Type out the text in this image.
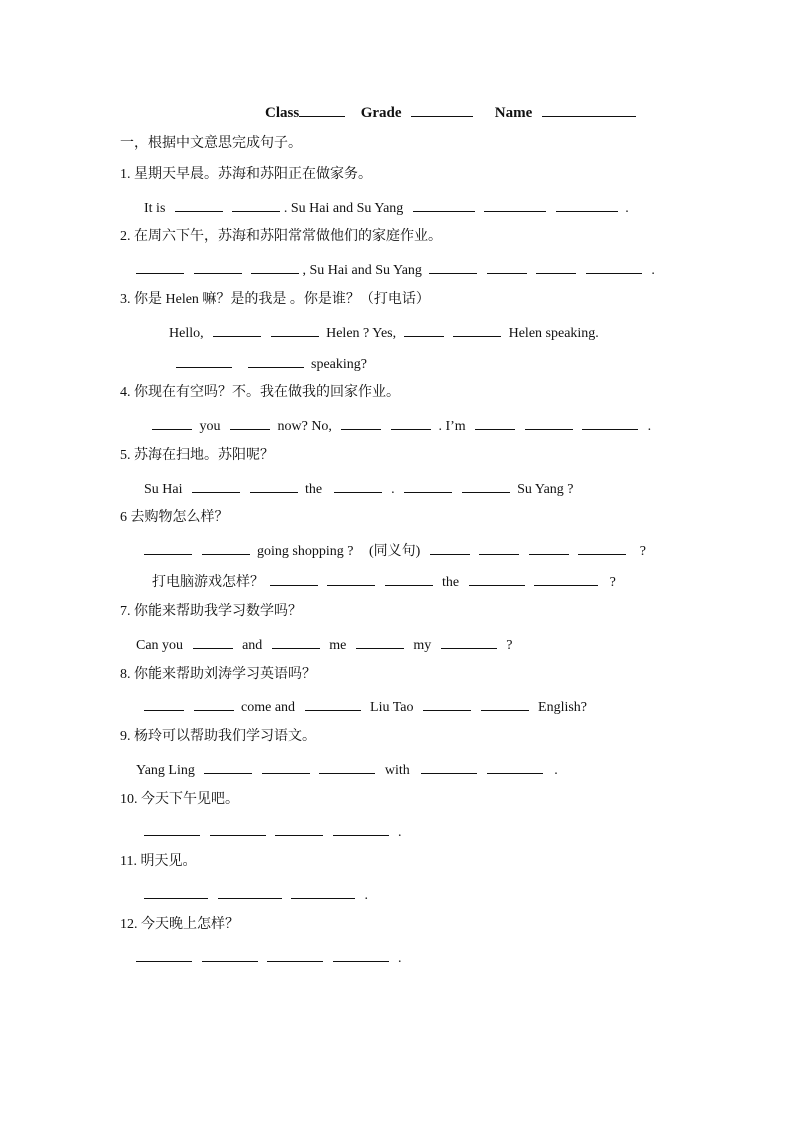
Class	Grade	Name
一，根据中文意思完成句子。
1. 星期天早晨。苏海和苏阳正在做家务。
It is	. Su Hai and Su Yang	.
2. 在周六下午，苏海和苏阳常常做他们的家庭作业。
, Su Hai and Su Yang	.
3. 你是 Helen 嘛？是的我是 。你是谁？（打电话）
Hello,	Helen ? Yes,	Helen speaking.
speaking?
4. 你现在有空吗？不。我在做我的回家作业。
you	now? No,	. I’m	.
5. 苏海在扫地。苏阳呢？
Su Hai	the	.	Su Yang ?
6 去购物怎么样？
going shopping ? (同义句)	?
打电脑游戏怎样？	the	?
7. 你能来帮助我学习数学吗？
Can you	and	me	my	?
8. 你能来帮助刘涛学习英语吗？
come and	Liu Tao	English?
9. 杨玲可以帮助我们学习语文。
Yang Ling	with	.
10. 今天下午见吧。
.
11. 明天见。
.
12. 今天晚上怎样？
.
